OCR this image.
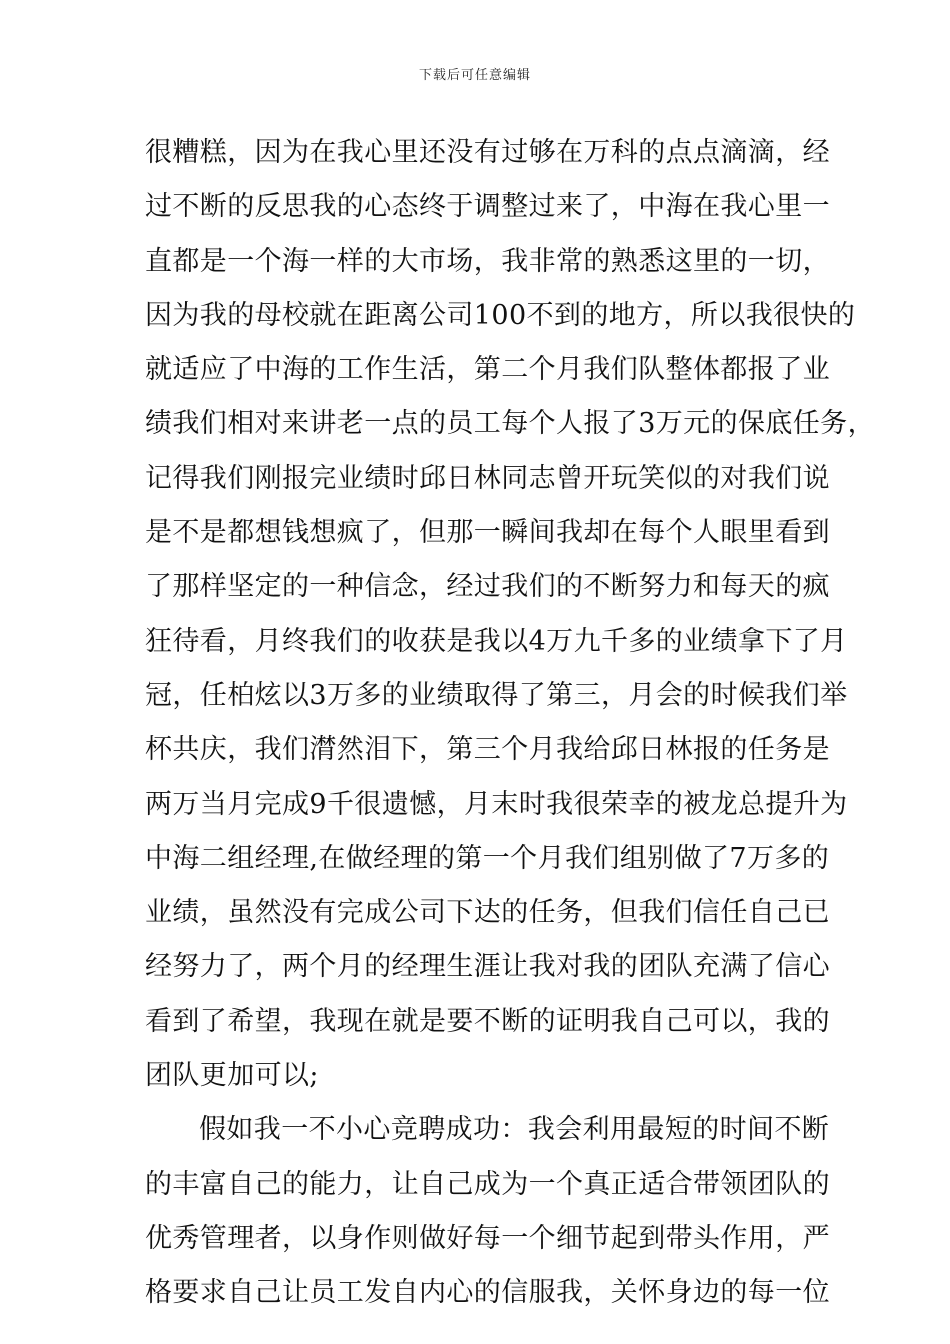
下载后可任意编辑
很糟糕，因为在我心里还没有过够在万科的点点滴滴，经
过不断的反思我的心态终于调整过来了，中海在我心里一
直都是一个海一样的大市场，我非常的熟悉这里的一切，
因为我的母校就在距离公司100不到的地方，所以我很快的
就适应了中海的工作生活，第二个月我们队整体都报了业
绩我们相对来讲老一点的员工每个人报了3万元的保底任务，
记得我们刚报完业绩时邱日林同志曾开玩笑似的对我们说
是不是都想钱想疯了，但那一瞬间我却在每个人眼里看到
了那样坚定的一种信念，经过我们的不断努力和每天的疯
狂待看，月终我们的收获是我以4万九千多的业绩拿下了月
冠，任柏炫以3万多的业绩取得了第三，月会的时候我们举
杯共庆，我们潸然泪下，第三个月我给邱日林报的任务是
两万当月完成9千很遗憾，月末时我很荣幸的被龙总提升为
中海二组经理,在做经理的第一个月我们组别做了7万多的
业绩，虽然没有完成公司下达的任务，但我们信任自己已
经努力了，两个月的经理生涯让我对我的团队充满了信心
看到了希望，我现在就是要不断的证明我自己可以，我的
团队更加可以;
假如我一不小心竞聘成功：我会利用最短的时间不断
的丰富自己的能力，让自己成为一个真正适合带领团队的
优秀管理者，以身作则做好每一个细节起到带头作用，严
格要求自己让员工发自内心的信服我，关怀身边的每一位
